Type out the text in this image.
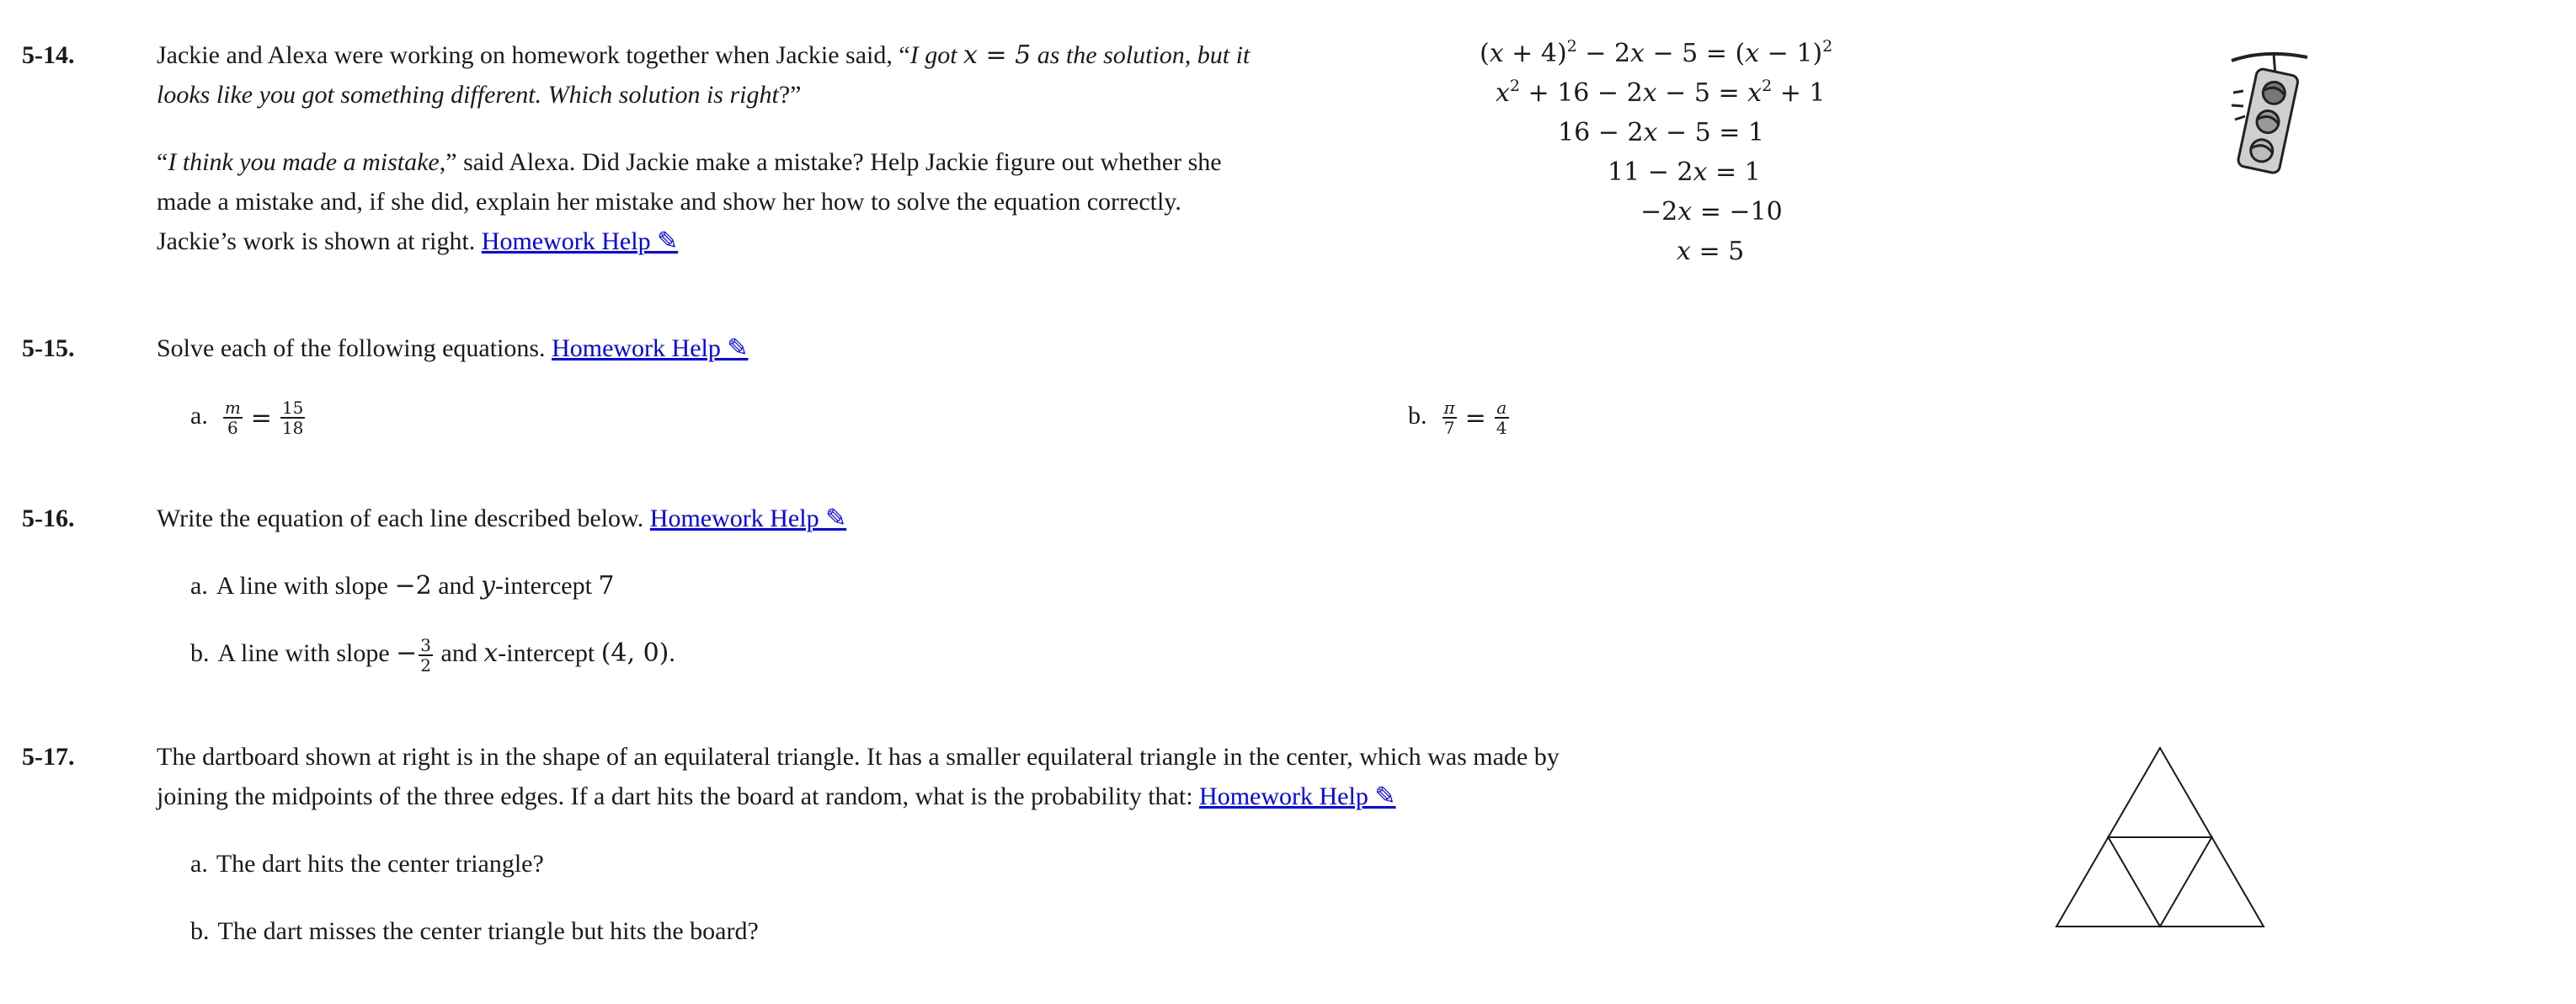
5-14.	Jackie and Alexa were working on homework together when Jackie said, “I got x = 5 as the solution, but it
looks like you got something different. Which solution is right?”
“I think you made a mistake,” said Alexa. Did Jackie make a mistake? Help Jackie figure out whether she
made a mistake and, if she did, explain her mistake and show her how to solve the equation correctly.
Jackie’s work is shown at right. Homework Help ✎
$(x + 4)^2 - 2x - 5 = (x - 1)^2$
$x^2 + 16 - 2x - 5 = x^2 + 1$
16 − 2x − 5 = 1
11 − 2x = 1
−2x = −10
x = 5
5-15.	Solve each of the following equations. Homework Help ✎
a. $\frac{m}{6} = \frac{15}{18}$	b. $\frac{\pi}{7} = \frac{a}{4}$
5-16.	Write the equation of each line described below. Homework Help ✎
a. A line with slope −2 and y-intercept 7
b. A line with slope − $\frac{3}{2}$ and x-intercept (4, 0).
5-17.	The dartboard shown at right is in the shape of an equilateral triangle. It has a smaller equilateral triangle in the center, which was made by
joining the midpoints of the three edges. If a dart hits the board at random, what is the probability that: Homework Help ✎
a. The dart hits the center triangle?
b. The dart misses the center triangle but hits the board?
